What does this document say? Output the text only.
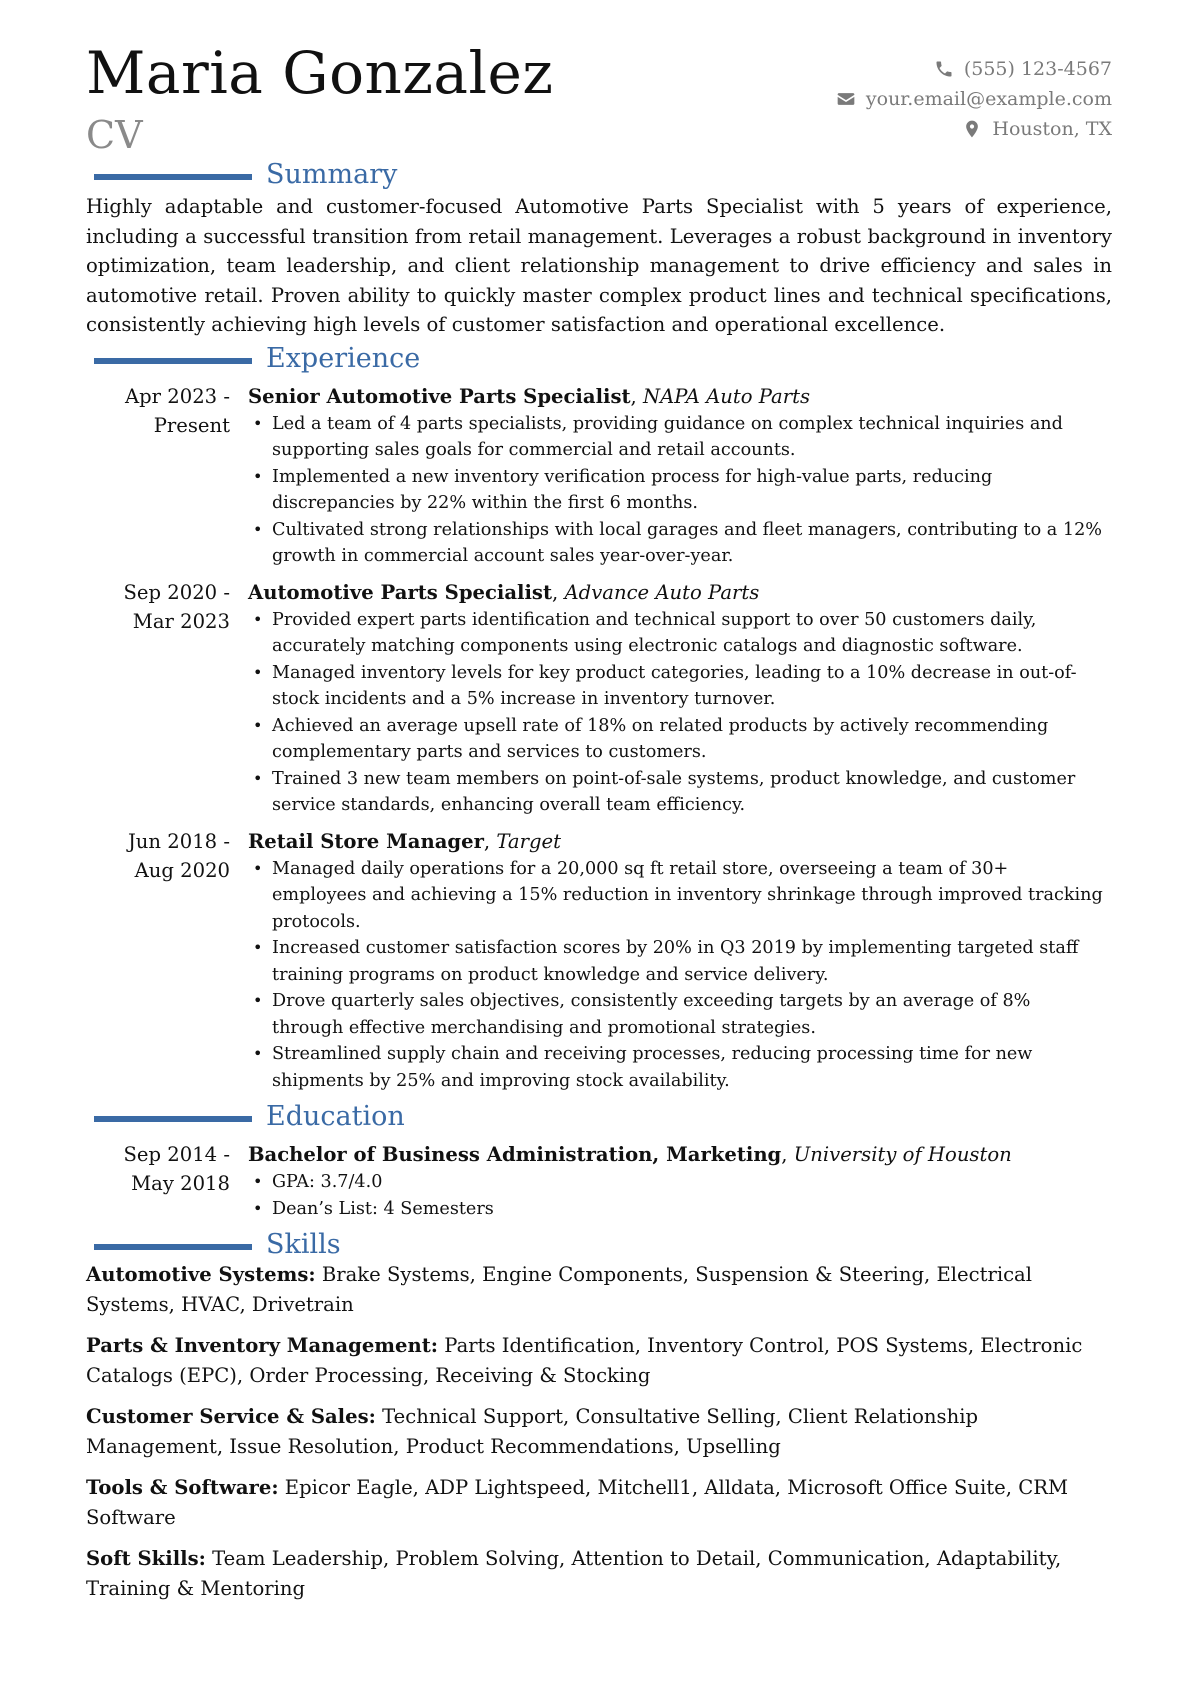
Maria Gonzalez
CV
(555) 123-4567
your.email@example.com
Houston, TX
Summary
Highly adaptable and customer-focused Automotive Parts Specialist with 5 years of experience, including a successful transition from retail management. Leverages a robust background in inventory optimization, team leadership, and client relationship management to drive efficiency and sales in automotive retail. Proven ability to quickly master complex product lines and technical specifications, consistently achieving high levels of customer satisfaction and operational excellence.
Experience
Apr 2023 - Present
Senior Automotive Parts Specialist, NAPA Auto Parts
• Led a team of 4 parts specialists, providing guidance on complex technical inquiries and supporting sales goals for commercial and retail accounts.
• Implemented a new inventory verification process for high-value parts, reducing discrepancies by 22% within the first 6 months.
• Cultivated strong relationships with local garages and fleet managers, contributing to a 12% growth in commercial account sales year-over-year.
Sep 2020 - Mar 2023
Automotive Parts Specialist, Advance Auto Parts
• Provided expert parts identification and technical support to over 50 customers daily, accurately matching components using electronic catalogs and diagnostic software.
• Managed inventory levels for key product categories, leading to a 10% decrease in out-of-stock incidents and a 5% increase in inventory turnover.
• Achieved an average upsell rate of 18% on related products by actively recommending complementary parts and services to customers.
• Trained 3 new team members on point-of-sale systems, product knowledge, and customer service standards, enhancing overall team efficiency.
Jun 2018 - Aug 2020
Retail Store Manager, Target
• Managed daily operations for a 20,000 sq ft retail store, overseeing a team of 30+ employees and achieving a 15% reduction in inventory shrinkage through improved tracking protocols.
• Increased customer satisfaction scores by 20% in Q3 2019 by implementing targeted staff training programs on product knowledge and service delivery.
• Drove quarterly sales objectives, consistently exceeding targets by an average of 8% through effective merchandising and promotional strategies.
• Streamlined supply chain and receiving processes, reducing processing time for new shipments by 25% and improving stock availability.
Education
Sep 2014 - May 2018
Bachelor of Business Administration, Marketing, University of Houston
• GPA: 3.7/4.0
• Dean’s List: 4 Semesters
Skills
Automotive Systems: Brake Systems, Engine Components, Suspension & Steering, Electrical Systems, HVAC, Drivetrain
Parts & Inventory Management: Parts Identification, Inventory Control, POS Systems, Electronic Catalogs (EPC), Order Processing, Receiving & Stocking
Customer Service & Sales: Technical Support, Consultative Selling, Client Relationship Management, Issue Resolution, Product Recommendations, Upselling
Tools & Software: Epicor Eagle, ADP Lightspeed, Mitchell1, Alldata, Microsoft Office Suite, CRM Software
Soft Skills: Team Leadership, Problem Solving, Attention to Detail, Communication, Adaptability, Training & Mentoring
